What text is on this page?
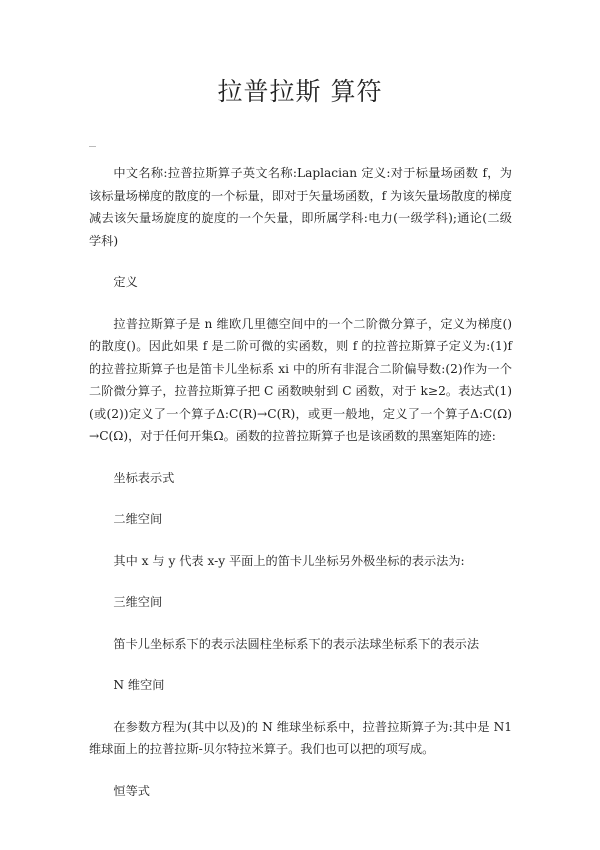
拉普拉斯 算符

中文名称:拉普拉斯算子英文名称:Laplacian 定义:对于标量场函数 f，为该标量场梯度的散度的一个标量，即对于矢量场函数，f 为该矢量场散度的梯度减去该矢量场旋度的旋度的一个矢量，即所属学科:电力(一级学科);通论(二级学科)

定义

拉普拉斯算子是 n 维欧几里德空间中的一个二阶微分算子，定义为梯度()的散度()。因此如果 f 是二阶可微的实函数，则 f 的拉普拉斯算子定义为:(1)f 的拉普拉斯算子也是笛卡儿坐标系 xi 中的所有非混合二阶偏导数:(2)作为一个二阶微分算子，拉普拉斯算子把 C 函数映射到 C 函数，对于 k≥2。表达式(1)(或(2))定义了一个算子Δ:C(R)→C(R)，或更一般地，定义了一个算子Δ:C(Ω)→C(Ω)，对于任何开集Ω。函数的拉普拉斯算子也是该函数的黑塞矩阵的迹:

坐标表示式

二维空间

其中 x 与 y 代表 x-y 平面上的笛卡儿坐标另外极坐标的表示法为:

三维空间

笛卡儿坐标系下的表示法圆柱坐标系下的表示法球坐标系下的表示法

N 维空间

在参数方程为(其中以及)的 N 维球坐标系中，拉普拉斯算子为:其中是 N1 维球面上的拉普拉斯-贝尔特拉米算子。我们也可以把的项写成。

恒等式
